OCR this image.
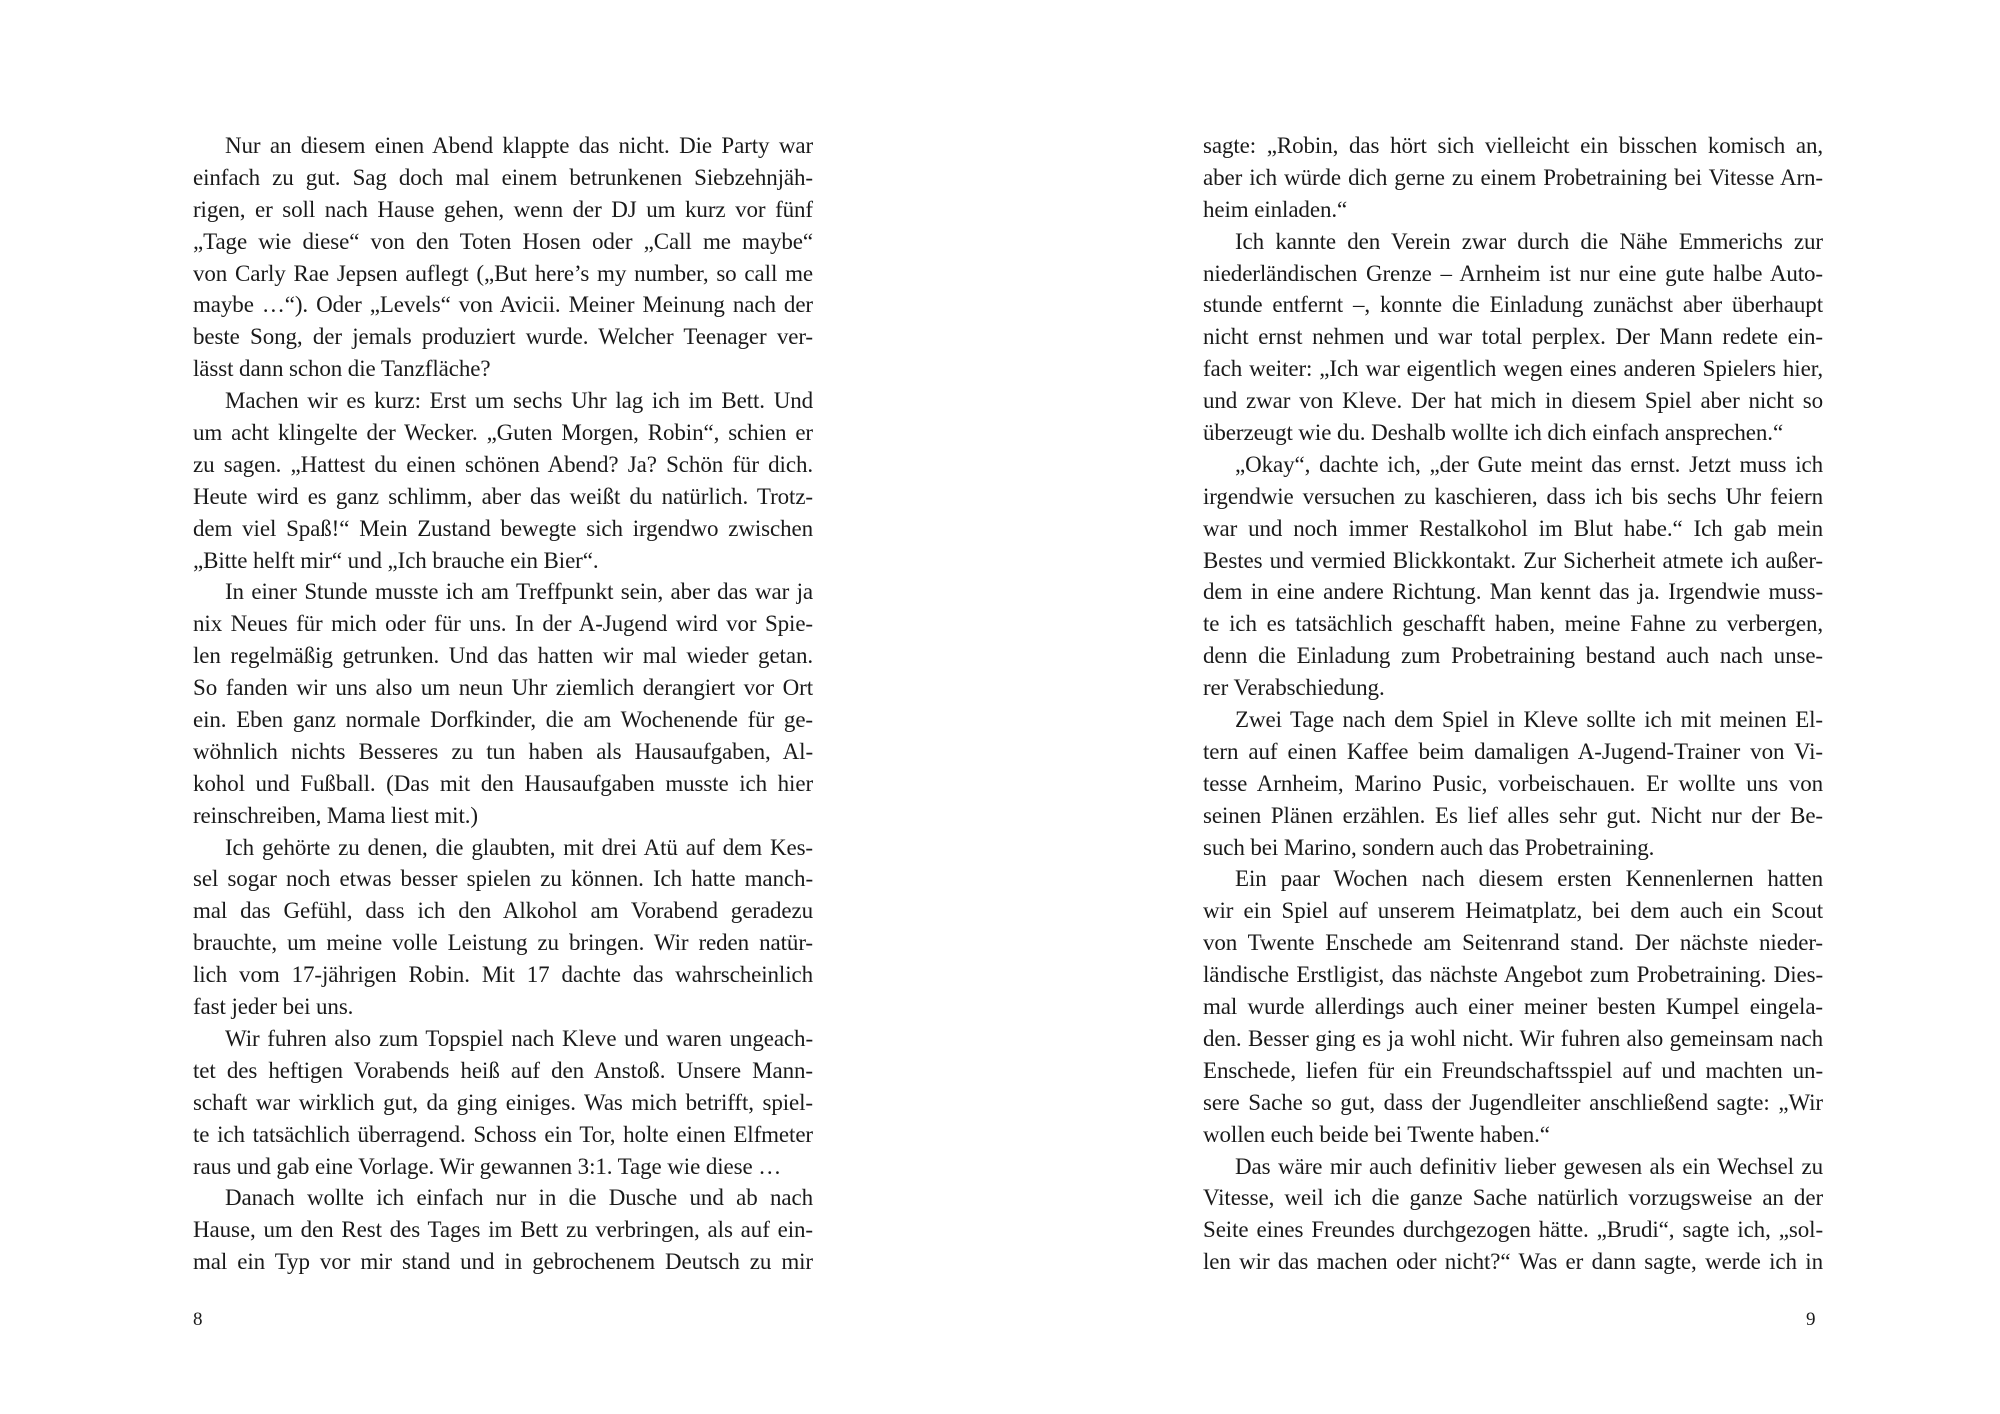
Nur an diesem einen Abend klappte das nicht. Die Party war
einfach zu gut. Sag doch mal einem betrunkenen Siebzehnjäh-
rigen, er soll nach Hause gehen, wenn der DJ um kurz vor fünf
„Tage wie diese“ von den Toten Hosen oder „Call me maybe“
von Carly Rae Jepsen auflegt („But here’s my number, so call me
maybe …“). Oder „Levels“ von Avicii. Meiner Meinung nach der
beste Song, der jemals produziert wurde. Welcher Teenager ver-
lässt dann schon die Tanzfläche?
Machen wir es kurz: Erst um sechs Uhr lag ich im Bett. Und
um acht klingelte der Wecker. „Guten Morgen, Robin“, schien er
zu sagen. „Hattest du einen schönen Abend? Ja? Schön für dich.
Heute wird es ganz schlimm, aber das weißt du natürlich. Trotz-
dem viel Spaß!“ Mein Zustand bewegte sich irgendwo zwischen
„Bitte helft mir“ und „Ich brauche ein Bier“.
In einer Stunde musste ich am Treffpunkt sein, aber das war ja
nix Neues für mich oder für uns. In der A-Jugend wird vor Spie-
len regelmäßig getrunken. Und das hatten wir mal wieder getan.
So fanden wir uns also um neun Uhr ziemlich derangiert vor Ort
ein. Eben ganz normale Dorfkinder, die am Wochenende für ge-
wöhnlich nichts Besseres zu tun haben als Hausaufgaben, Al-
kohol und Fußball. (Das mit den Hausaufgaben musste ich hier
reinschreiben, Mama liest mit.)
Ich gehörte zu denen, die glaubten, mit drei Atü auf dem Kes-
sel sogar noch etwas besser spielen zu können. Ich hatte manch-
mal das Gefühl, dass ich den Alkohol am Vorabend geradezu
brauchte, um meine volle Leistung zu bringen. Wir reden natür-
lich vom 17-jährigen Robin. Mit 17 dachte das wahrscheinlich
fast jeder bei uns.
Wir fuhren also zum Topspiel nach Kleve und waren ungeach-
tet des heftigen Vorabends heiß auf den Anstoß. Unsere Mann-
schaft war wirklich gut, da ging einiges. Was mich betrifft, spiel-
te ich tatsächlich überragend. Schoss ein Tor, holte einen Elfmeter
raus und gab eine Vorlage. Wir gewannen 3:1. Tage wie diese …
Danach wollte ich einfach nur in die Dusche und ab nach
Hause, um den Rest des Tages im Bett zu verbringen, als auf ein-
mal ein Typ vor mir stand und in gebrochenem Deutsch zu mir
sagte: „Robin, das hört sich vielleicht ein bisschen komisch an,
aber ich würde dich gerne zu einem Probetraining bei Vitesse Arn-
heim einladen.“
Ich kannte den Verein zwar durch die Nähe Emmerichs zur
niederländischen Grenze – Arnheim ist nur eine gute halbe Auto-
stunde entfernt –, konnte die Einladung zunächst aber überhaupt
nicht ernst nehmen und war total perplex. Der Mann redete ein-
fach weiter: „Ich war eigentlich wegen eines anderen Spielers hier,
und zwar von Kleve. Der hat mich in diesem Spiel aber nicht so
überzeugt wie du. Deshalb wollte ich dich einfach ansprechen.“
„Okay“, dachte ich, „der Gute meint das ernst. Jetzt muss ich
irgendwie versuchen zu kaschieren, dass ich bis sechs Uhr feiern
war und noch immer Restalkohol im Blut habe.“ Ich gab mein
Bestes und vermied Blickkontakt. Zur Sicherheit atmete ich außer-
dem in eine andere Richtung. Man kennt das ja. Irgendwie muss-
te ich es tatsächlich geschafft haben, meine Fahne zu verbergen,
denn die Einladung zum Probetraining bestand auch nach unse-
rer Verabschiedung.
Zwei Tage nach dem Spiel in Kleve sollte ich mit meinen El-
tern auf einen Kaffee beim damaligen A-Jugend-Trainer von Vi-
tesse Arnheim, Marino Pusic, vorbeischauen. Er wollte uns von
seinen Plänen erzählen. Es lief alles sehr gut. Nicht nur der Be-
such bei Marino, sondern auch das Probetraining.
Ein paar Wochen nach diesem ersten Kennenlernen hatten
wir ein Spiel auf unserem Heimatplatz, bei dem auch ein Scout
von Twente Enschede am Seitenrand stand. Der nächste nieder-
ländische Erstligist, das nächste Angebot zum Probetraining. Dies-
mal wurde allerdings auch einer meiner besten Kumpel eingela-
den. Besser ging es ja wohl nicht. Wir fuhren also gemeinsam nach
Enschede, liefen für ein Freundschaftsspiel auf und machten un-
sere Sache so gut, dass der Jugendleiter anschließend sagte: „Wir
wollen euch beide bei Twente haben.“
Das wäre mir auch definitiv lieber gewesen als ein Wechsel zu
Vitesse, weil ich die ganze Sache natürlich vorzugsweise an der
Seite eines Freundes durchgezogen hätte. „Brudi“, sagte ich, „sol-
len wir das machen oder nicht?“ Was er dann sagte, werde ich in
8	9
